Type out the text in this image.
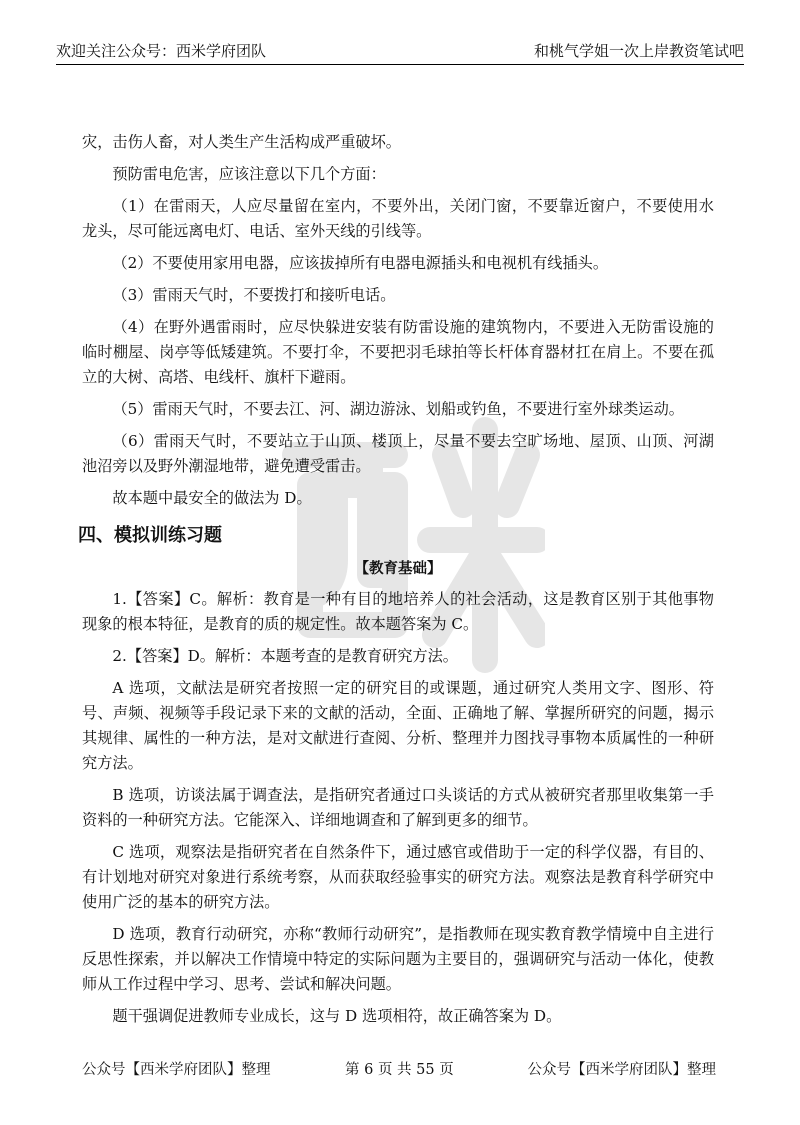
欢迎关注公众号：西米学府团队	和桃气学姐一次上岸教资笔试吧

灾，击伤人畜，对人类生产生活构成严重破坏。

预防雷电危害，应该注意以下几个方面：

（1）在雷雨天，人应尽量留在室内，不要外出，关闭门窗，不要靠近窗户，不要使用水龙头，尽可能远离电灯、电话、室外天线的引线等。

（2）不要使用家用电器，应该拔掉所有电器电源插头和电视机有线插头。

（3）雷雨天气时，不要拨打和接听电话。

（4）在野外遇雷雨时，应尽快躲进安装有防雷设施的建筑物内，不要进入无防雷设施的临时棚屋、岗亭等低矮建筑。不要打伞，不要把羽毛球拍等长杆体育器材扛在肩上。不要在孤立的大树、高塔、电线杆、旗杆下避雨。

（5）雷雨天气时，不要去江、河、湖边游泳、划船或钓鱼，不要进行室外球类运动。

（6）雷雨天气时，不要站立于山顶、楼顶上，尽量不要去空旷场地、屋顶、山顶、河湖池沼旁以及野外潮湿地带，避免遭受雷击。

故本题中最安全的做法为 D。

四、模拟训练习题
【教育基础】

1.【答案】C。解析：教育是一种有目的地培养人的社会活动，这是教育区别于其他事物现象的根本特征，是教育的质的规定性。故本题答案为 C。

2.【答案】D。解析：本题考查的是教育研究方法。

A 选项，文献法是研究者按照一定的研究目的或课题，通过研究人类用文字、图形、符号、声频、视频等手段记录下来的文献的活动，全面、正确地了解、掌握所研究的问题，揭示其规律、属性的一种方法，是对文献进行查阅、分析、整理并力图找寻事物本质属性的一种研究方法。

B 选项，访谈法属于调查法，是指研究者通过口头谈话的方式从被研究者那里收集第一手资料的一种研究方法。它能深入、详细地调查和了解到更多的细节。

C 选项，观察法是指研究者在自然条件下，通过感官或借助于一定的科学仪器，有目的、有计划地对研究对象进行系统考察，从而获取经验事实的研究方法。观察法是教育科学研究中使用广泛的基本的研究方法。

D 选项，教育行动研究，亦称“教师行动研究”，是指教师在现实教育教学情境中自主进行反思性探索，并以解决工作情境中特定的实际问题为主要目的，强调研究与活动一体化，使教师从工作过程中学习、思考、尝试和解决问题。

题干强调促进教师专业成长，这与 D 选项相符，故正确答案为 D。

公众号【西米学府团队】整理	第 6 页 共 55 页	公众号【西米学府团队】整理
